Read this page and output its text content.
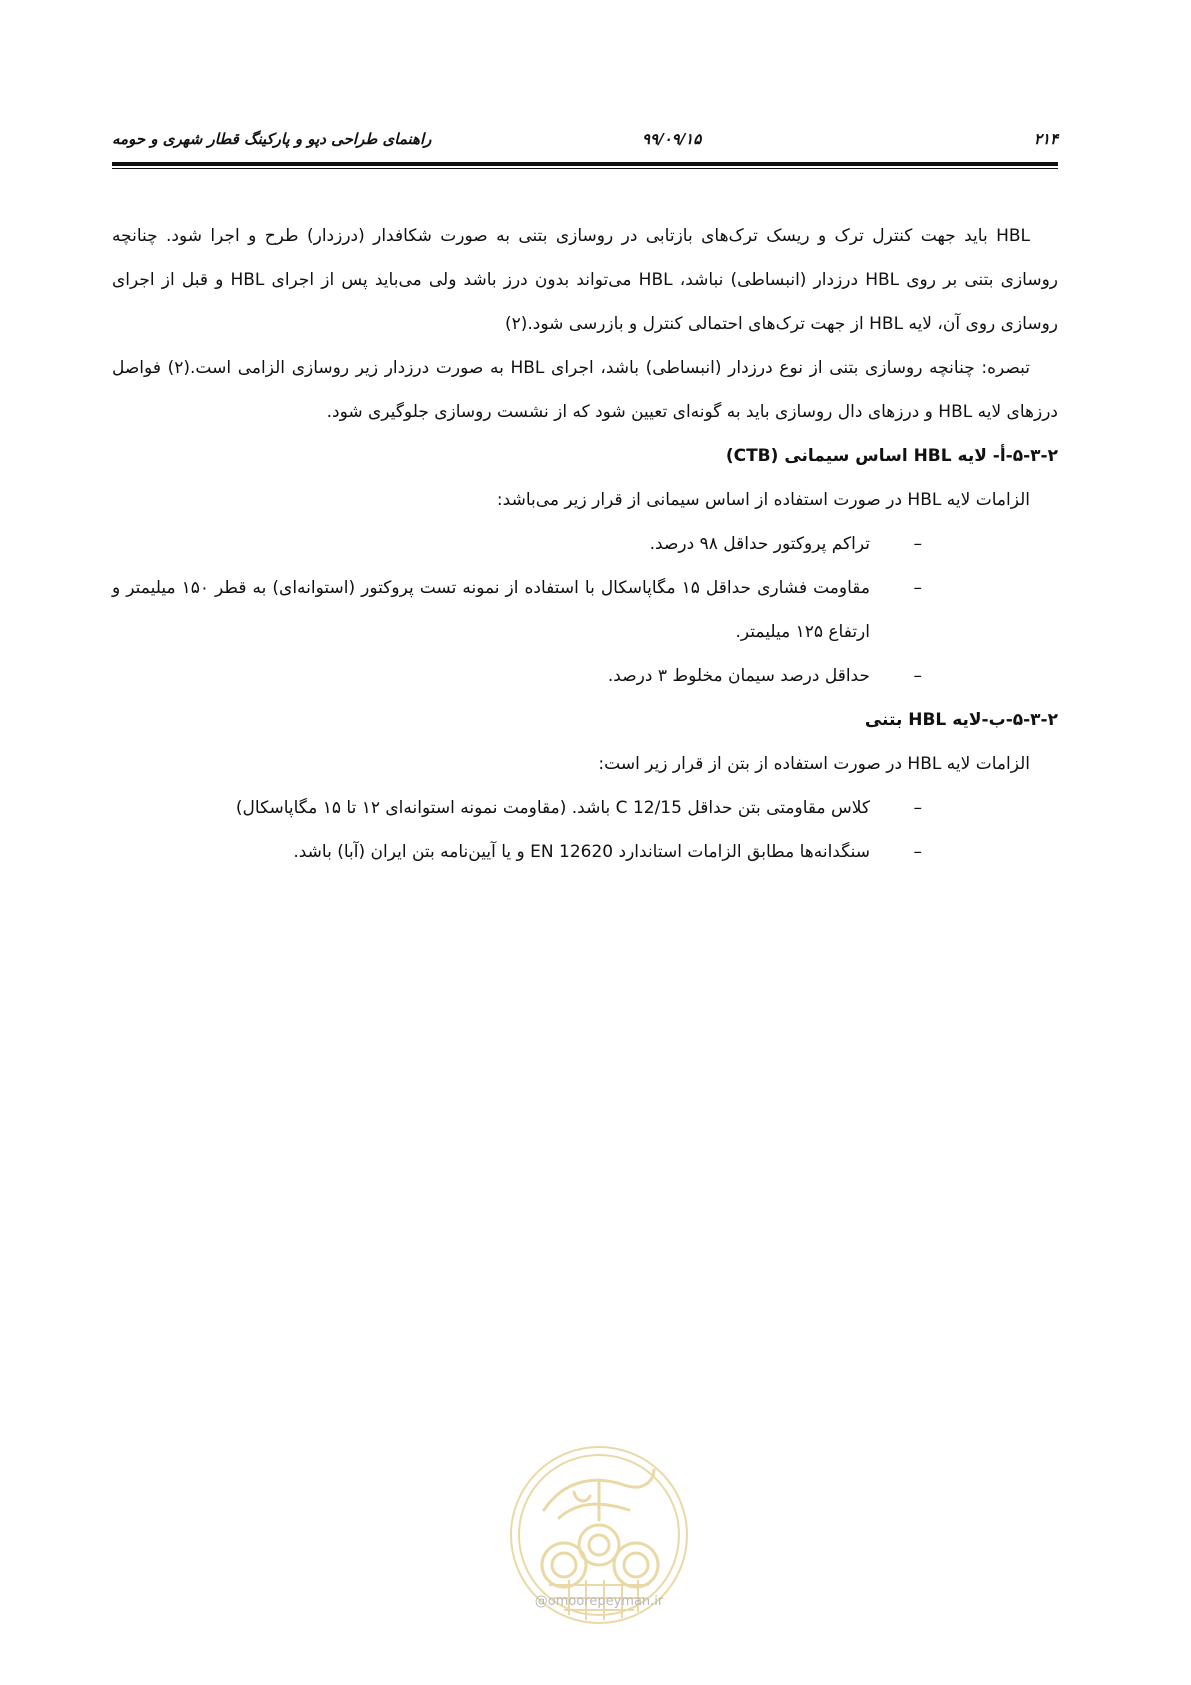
۲۱۴
۹۹/۰۹/۱۵
راهنمای طراحی دپو و پارکینگ قطار شهری و حومه

HBL باید جهت کنترل ترک و ریسک ترک‌های بازتابی در روسازی بتنی به صورت شکافدار (درزدار) طرح و اجرا شود. چنانچه روسازی بتنی بر روی HBL درزدار (انبساطی) نباشد، HBL می‌تواند بدون درز باشد ولی می‌باید پس از اجرای HBL و قبل از اجرای روسازی روی آن، لایه HBL از جهت ترک‌های احتمالی کنترل و بازرسی شود.(۲)

تبصره: چنانچه روسازی بتنی از نوع درزدار (انبساطی) باشد، اجرای HBL به صورت درزدار زیر روسازی الزامی است.(۲) فواصل درزهای لایه HBL و درزهای دال روسازی باید به گونه‌ای تعیین شود که از نشست روسازی جلوگیری شود.

۵-۳-۲-أ- لایه HBL اساس سیمانی (CTB)

الزامات لایه HBL در صورت استفاده از اساس سیمانی از قرار زیر می‌باشد:

–
تراکم پروکتور حداقل ۹۸ درصد.
–
مقاومت فشاری حداقل ۱۵ مگاپاسکال با استفاده از نمونه تست پروکتور (استوانه‌ای) به قطر ۱۵۰ میلیمتر و ارتفاع ۱۲۵ میلیمتر.
–
حداقل درصد سیمان مخلوط ۳ درصد.

۵-۳-۲-ب-لایه HBL بتنی

الزامات لایه HBL در صورت استفاده از بتن از قرار زیر است:

–
کلاس مقاومتی بتن حداقل C 12/15 باشد. (مقاومت نمونه استوانه‌ای ۱۲ تا ۱۵ مگاپاسکال)
–
سنگدانه‌ها مطابق الزامات استاندارد EN 12620 و یا آیین‌نامه بتن ایران (آبا) باشد.
@omoorepeyman.ir
